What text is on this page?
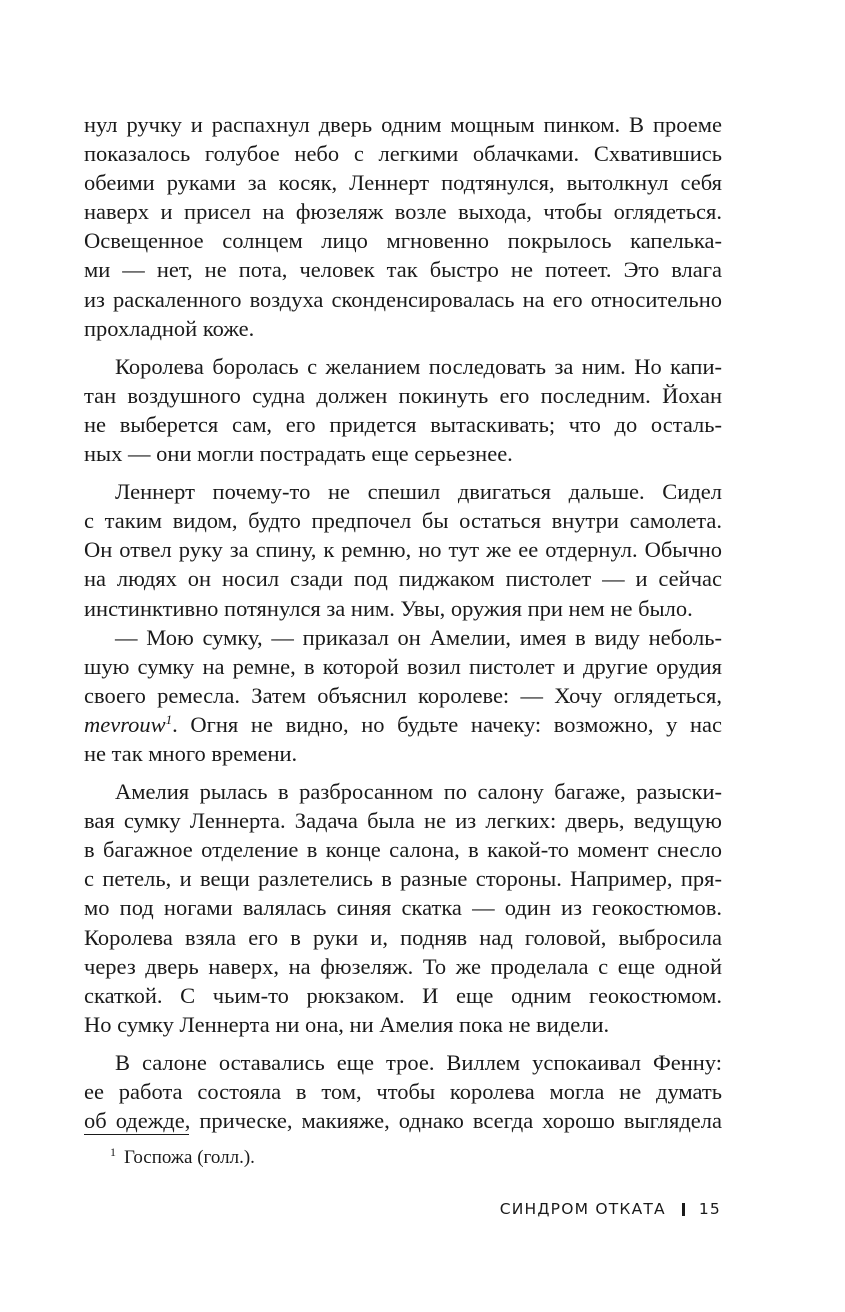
нул ручку и распахнул дверь одним мощным пинком. В проеме
показалось голубое небо с легкими облачками. Схватившись
обеими руками за косяк, Леннерт подтянулся, вытолкнул себя
наверх и присел на фюзеляж возле выхода, чтобы оглядеться.
Освещенное солнцем лицо мгновенно покрылось капелька-
ми — нет, не пота, человек так быстро не потеет. Это влага
из раскаленного воздуха сконденсировалась на его относительно
прохладной коже.
Королева боролась с желанием последовать за ним. Но капи-
тан воздушного судна должен покинуть его последним. Йохан
не выберется сам, его придется вытаскивать; что до осталь-
ных — они могли пострадать еще серьезнее.
Леннерт почему-то не спешил двигаться дальше. Сидел
с таким видом, будто предпочел бы остаться внутри самолета.
Он отвел руку за спину, к ремню, но тут же ее отдернул. Обычно
на людях он носил сзади под пиджаком пистолет — и сейчас
инстинктивно потянулся за ним. Увы, оружия при нем не было.
— Мою сумку, — приказал он Амелии, имея в виду неболь-
шую сумку на ремне, в которой возил пистолет и другие орудия
своего ремесла. Затем объяснил королеве: — Хочу оглядеться,
mevrouw$^1$. Огня не видно, но будьте начеку: возможно, у нас
не так много времени.
Амелия рылась в разбросанном по салону багаже, разыски-
вая сумку Леннерта. Задача была не из легких: дверь, ведущую
в багажное отделение в конце салона, в какой-то момент снесло
с петель, и вещи разлетелись в разные стороны. Например, пря-
мо под ногами валялась синяя скатка — один из геокостюмов.
Королева взяла его в руки и, подняв над головой, выбросила
через дверь наверх, на фюзеляж. То же проделала с еще одной
скаткой. С чьим-то рюкзаком. И еще одним геокостюмом.
Но сумку Леннерта ни она, ни Амелия пока не видели.
В салоне оставались еще трое. Виллем успокаивал Фенну:
ее работа состояла в том, чтобы королева могла не думать
об одежде, прическе, макияже, однако всегда хорошо выглядела
$^1$ Госпожа (голл.).
СИНДРОМ ОТКАТА 15
